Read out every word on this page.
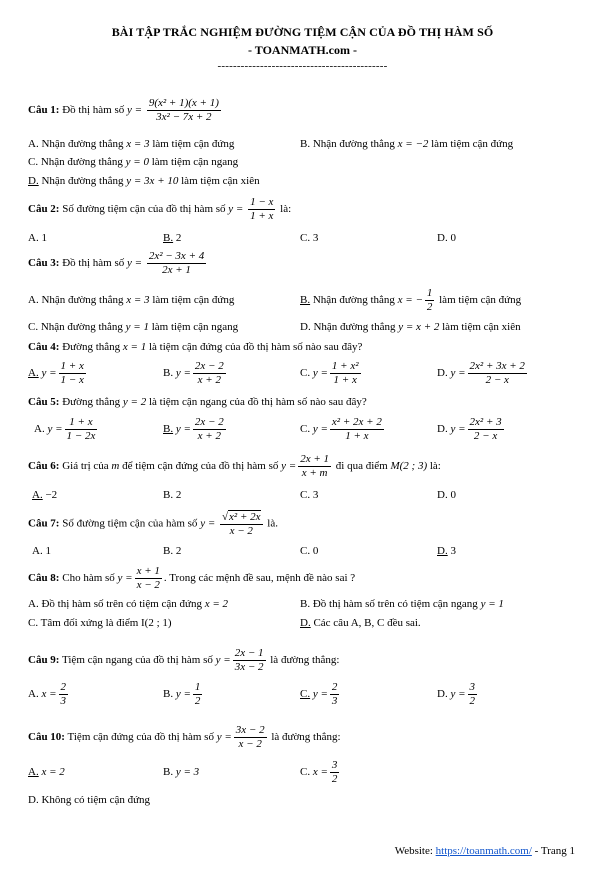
BÀI TẬP TRẮC NGHIỆM ĐƯỜNG TIỆM CẬN CỦA ĐỒ THỊ HÀM SỐ
- TOANMATH.com -
--------------------------------------------
Câu 1: Đồ thị hàm số $y = \frac{\text{9(x² + 1)(x + 1)}}{\text{3x² − 7x + 2}}$
A. Nhận đường thẳng x = 3 làm tiệm cận đứng	B. Nhận đường thẳng x = −2 làm tiệm cận đứng
C. Nhận đường thẳng y = 0 làm tiệm cận ngang
D. Nhận đường thẳng y = 3x + 10 làm tiệm cận xiên
Câu 2: Số đường tiệm cận của đồ thị hàm số $y = \frac{1 - x}{1 + x}$ là:
A. 1	B. 2	C. 3	D. 0
Câu 3: Đồ thị hàm số $y = \frac{\text{2x² − 3x + 4}}{2x + 1}$
A. Nhận đường thẳng x = 3 làm tiệm cận đứng	B. Nhận đường thẳng x = − $\frac{1}{2}$ làm tiệm cận đứng
C. Nhận đường thẳng y = 1 làm tiệm cận ngang	D. Nhận đường thẳng y = x + 2 làm tiệm cận xiên
Câu 4: Đường thẳng x = 1 là tiệm cận đứng của đồ thị hàm số nào sau đây?
A. $y = \frac{1 + x}{1 - x}$	B. $y = \frac{2x - 2}{x + 2}$	C. $y = \frac{\text{1 + x²}}{1 + x}$	D. $y = \frac{\text{2x² + 3x + 2}}{2 - x}$
Câu 5: Đường thẳng y = 2 là tiệm cận ngang của đồ thị hàm số nào sau đây?
A. $y = \frac{1 + x}{1 - 2x}$	B. $y = \frac{2x - 2}{x + 2}$	C. $y = \frac{\text{x² + 2x + 2}}{1 + x}$	D. $y = \frac{\text{2x² + 3}}{2 - x}$
Câu 6: Giá trị của m để tiệm cận đứng của đồ thị hàm số $y = \frac{2x + 1}{x + m}$ đi qua điểm M(2 ; 3) là:
A. −2	B. 2	C. 3	D. 0
Câu 7: Số đường tiệm cận của hàm số $y = \frac{\text{√x² + 2x}}{x - 2}$ là.
A. 1	B. 2	C. 0	D. 3
Câu 8: Cho hàm số $y = \frac{x + 1}{x - 2}$ . Trong các mệnh đề sau, mệnh đề nào sai ?
A. Đồ thị hàm số trên có tiệm cận đứng x = 2	B. Đồ thị hàm số trên có tiệm cận ngang y = 1
C. Tâm đối xứng là điểm I(2 ; 1)	D. Các câu A, B, C đều sai.
Câu 9: Tiệm cận ngang của đồ thị hàm số $y = \frac{2x - 1}{3x - 2}$ là đường thẳng:
A. $x = \frac{2}{3}$	B. $y = \frac{1}{2}$	C. $y = \frac{2}{3}$	D. $y = \frac{3}{2}$
Câu 10: Tiệm cận đứng của đồ thị hàm số $y = \frac{3x - 2}{x - 2}$ là đường thẳng:
A. x = 2	B. y = 3	C. $x = \frac{3}{2}$
D. Không có tiệm cận đứng
Website: https://toanmath.com/ - Trang 1
